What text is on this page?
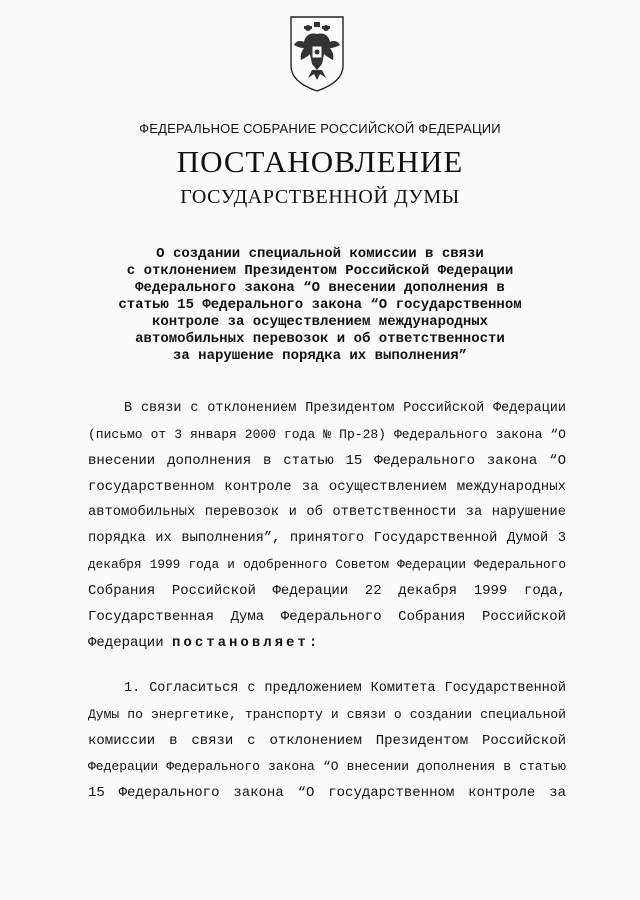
ФЕДЕРАЛЬНОЕ СОБРАНИЕ РОССИЙСКОЙ ФЕДЕРАЦИИ
ПОСТАНОВЛЕНИЕ
ГОСУДАРСТВЕННОЙ ДУМЫ
О создании специальной комиссии в связи
с отклонением Президентом Российской Федерации
Федерального закона “О внесении дополнения в
статью 15 Федерального закона “О государственном
контроле за осуществлением международных
автомобильных перевозок и об ответственности
за нарушение порядка их выполнения”
В связи с отклонением Президентом Российской Федерации
(письмо от 3 января 2000 года № Пр-28) Федерального закона “О
внесении дополнения в статью 15 Федерального закона “О
государственном контроле за осуществлением международных
автомобильных перевозок и об ответственности за нарушение
порядка их выполнения”, принятого Государственной Думой 3
декабря 1999 года и одобренного Советом Федерации Федерального
Собрания Российской Федерации 22 декабря 1999 года,
Государственная Дума Федерального Собрания Российской
Федерации постановляет:
1. Согласиться с предложением Комитета Государственной
Думы по энергетике, транспорту и связи о создании специальной
комиссии в связи с отклонением Президентом Российской
Федерации Федерального закона “О внесении дополнения в статью
15 Федерального закона “О государственном контроле за
